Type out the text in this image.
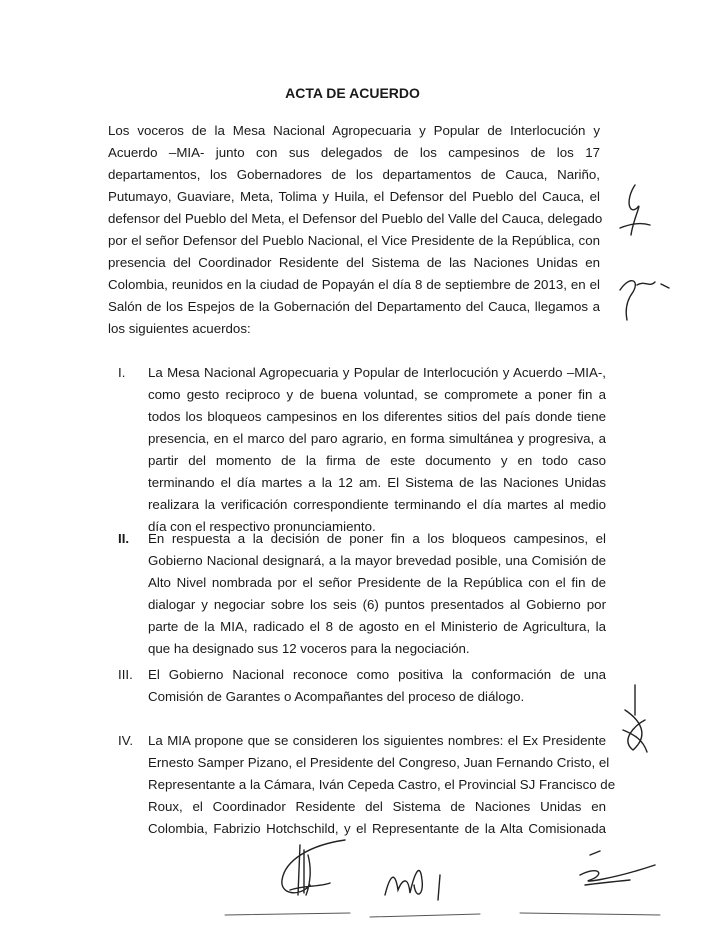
ACTA DE ACUERDO
Los voceros de la Mesa Nacional Agropecuaria y Popular de Interlocución y
Acuerdo –MIA- junto con sus delegados de los campesinos de los 17
departamentos, los Gobernadores de los departamentos de Cauca, Nariño,
Putumayo, Guaviare, Meta, Tolima y Huila, el Defensor del Pueblo del Cauca, el
defensor del Pueblo del Meta, el Defensor del Pueblo del Valle del Cauca, delegado
por el señor Defensor del Pueblo Nacional, el Vice Presidente de la República, con
presencia del Coordinador Residente del Sistema de las Naciones Unidas en
Colombia, reunidos en la ciudad de Popayán el día 8 de septiembre de 2013, en el
Salón de los Espejos de la Gobernación del Departamento del Cauca, llegamos a
los siguientes acuerdos:
I. La Mesa Nacional Agropecuaria y Popular de Interlocución y Acuerdo –MIA-,
como gesto reciproco y de buena voluntad, se compromete a poner fin a
todos los bloqueos campesinos en los diferentes sitios del país donde tiene
presencia, en el marco del paro agrario, en forma simultánea y progresiva, a
partir del momento de la firma de este documento y en todo caso
terminando el día martes a la 12 am. El Sistema de las Naciones Unidas
realizara la verificación correspondiente terminando el día martes al medio
día con el respectivo pronunciamiento.
II. En respuesta a la decisión de poner fin a los bloqueos campesinos, el
Gobierno Nacional designará, a la mayor brevedad posible, una Comisión de
Alto Nivel nombrada por el señor Presidente de la República con el fin de
dialogar y negociar sobre los seis (6) puntos presentados al Gobierno por
parte de la MIA, radicado el 8 de agosto en el Ministerio de Agricultura, la
que ha designado sus 12 voceros para la negociación.
III. El Gobierno Nacional reconoce como positiva la conformación de una
Comisión de Garantes o Acompañantes del proceso de diálogo.
IV. La MIA propone que se consideren los siguientes nombres: el Ex Presidente
Ernesto Samper Pizano, el Presidente del Congreso, Juan Fernando Cristo, el
Representante a la Cámara, Iván Cepeda Castro, el Provincial SJ Francisco de
Roux, el Coordinador Residente del Sistema de Naciones Unidas en
Colombia, Fabrizio Hotchschild, y el Representante de la Alta Comisionada
